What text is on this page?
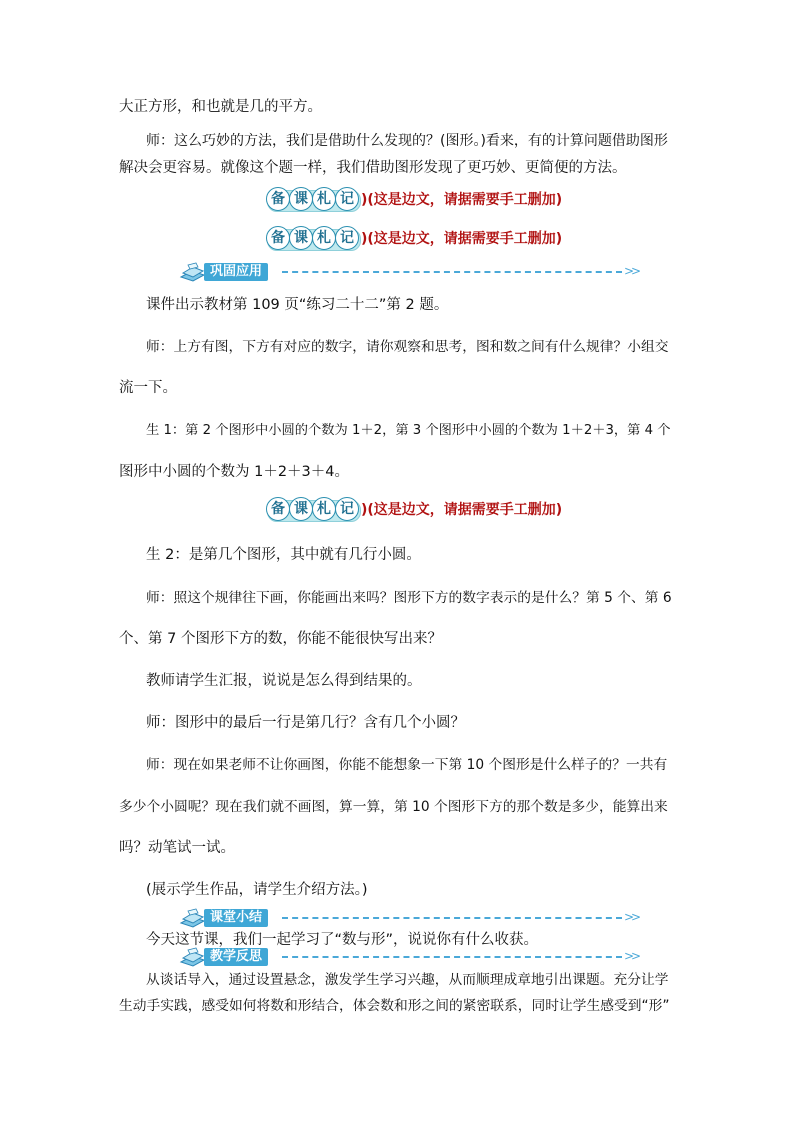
大正方形，和也就是几的平方。
师：这么巧妙的方法，我们是借助什么发现的？(图形。)看来，有的计算问题借助图形
解决会更容易。就像这个题一样，我们借助图形发现了更巧妙、更简便的方法。
备 课 札 记 )(这是边文，请据需要手工删加)
备 课 札 记 )(这是边文，请据需要手工删加)
巩固应用	>>
课件出示教材第 109 页“练习二十二”第 2 题。
师：上方有图，下方有对应的数字，请你观察和思考，图和数之间有什么规律？小组交
流一下。
生 1：第 2 个图形中小圆的个数为 1＋2，第 3 个图形中小圆的个数为 1＋2＋3，第 4 个
图形中小圆的个数为 1＋2＋3＋4。
备 课 札 记 )(这是边文，请据需要手工删加)
生 2：是第几个图形，其中就有几行小圆。
师：照这个规律往下画，你能画出来吗？图形下方的数字表示的是什么？第 5 个、第 6
个、第 7 个图形下方的数，你能不能很快写出来？
教师请学生汇报，说说是怎么得到结果的。
师：图形中的最后一行是第几行？含有几个小圆？
师：现在如果老师不让你画图，你能不能想象一下第 10 个图形是什么样子的？一共有
多少个小圆呢？现在我们就不画图，算一算，第 10 个图形下方的那个数是多少，能算出来
吗？动笔试一试。
(展示学生作品，请学生介绍方法。)
课堂小结	>>
今天这节课，我们一起学习了“数与形”，说说你有什么收获。
教学反思	>>
从谈话导入，通过设置悬念，激发学生学习兴趣，从而顺理成章地引出课题。充分让学
生动手实践，感受如何将数和形结合，体会数和形之间的紧密联系，同时让学生感受到“形”
